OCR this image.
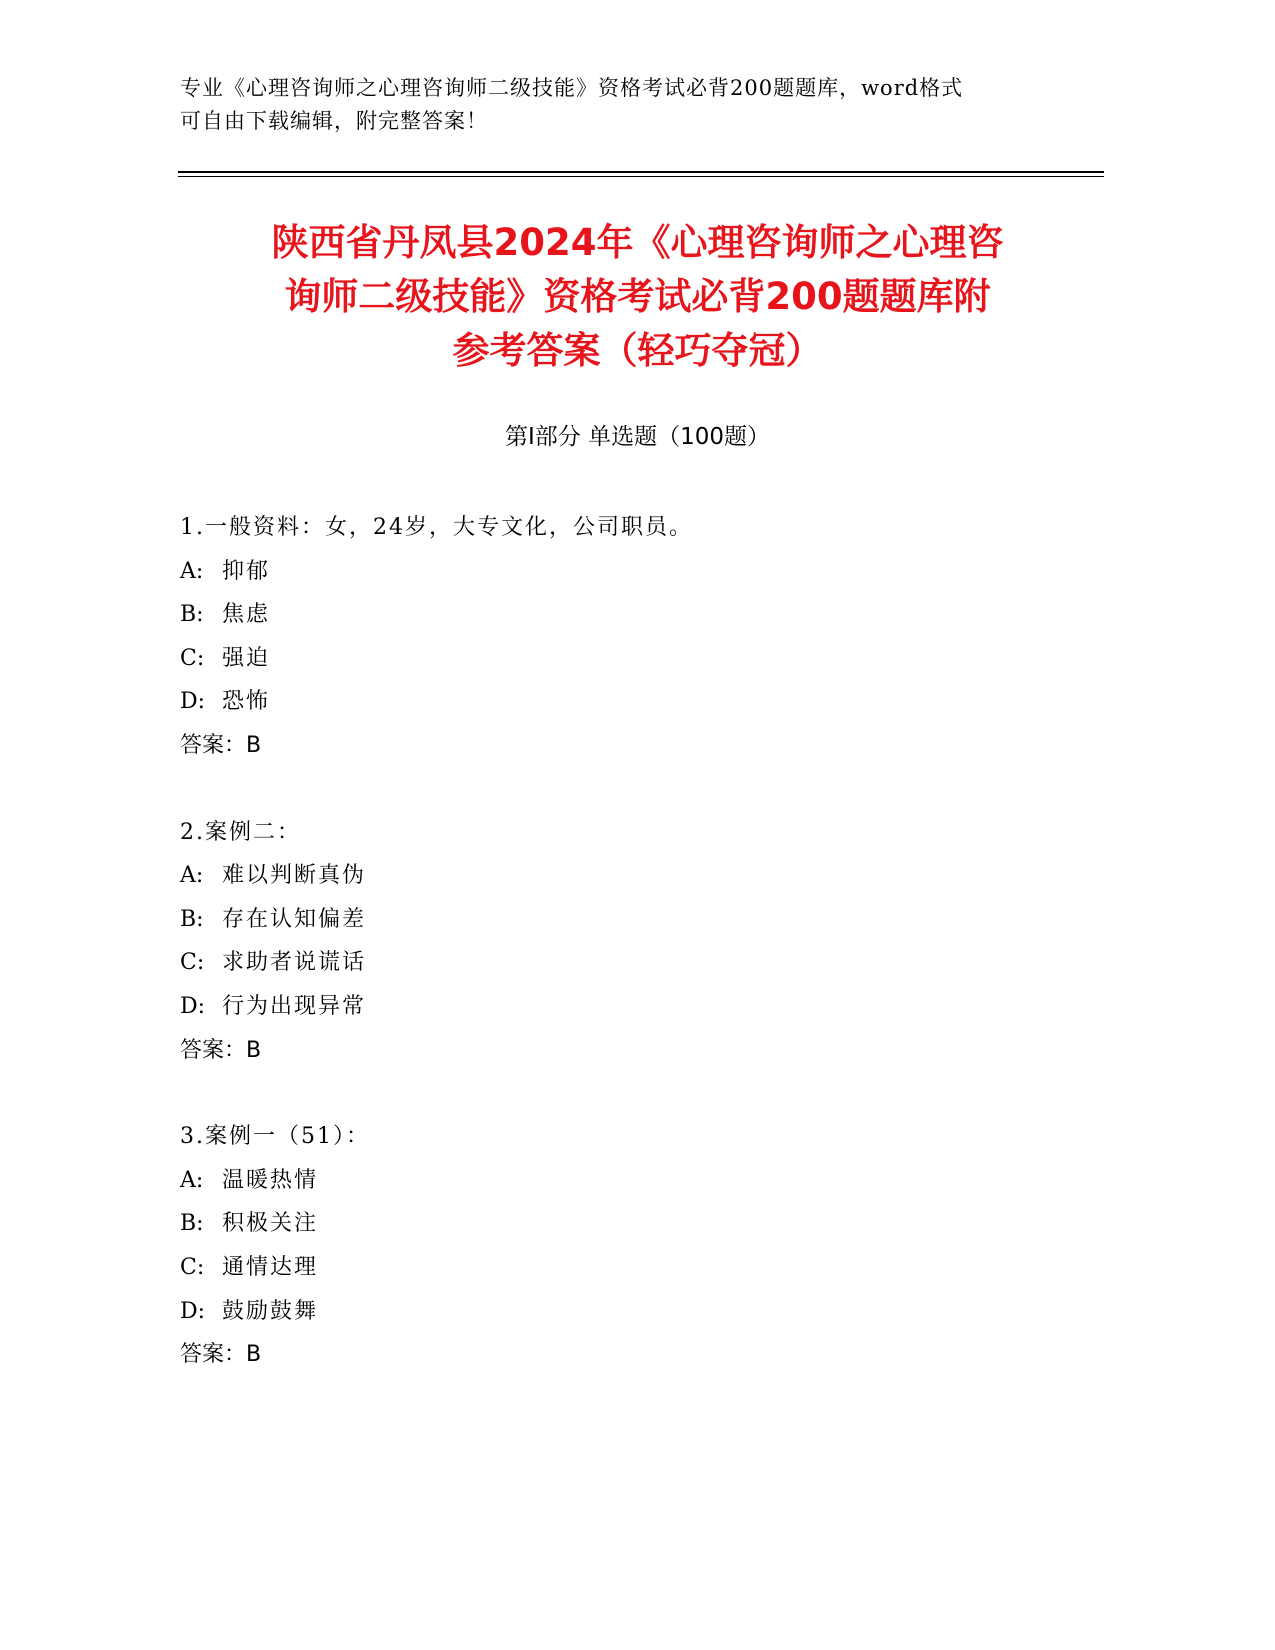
专业《心理咨询师之心理咨询师二级技能》资格考试必背200题题库，word格式
可自由下载编辑，附完整答案！
陕西省丹凤县2024年《心理咨询师之心理咨
询师二级技能》资格考试必背200题题库附
参考答案（轻巧夺冠）
第I部分 单选题（100题）
1.一般资料：女，24岁，大专文化，公司职员。
A: 抑郁
B: 焦虑
C: 强迫
D: 恐怖
答案：B
2.案例二：
A: 难以判断真伪
B: 存在认知偏差
C: 求助者说谎话
D: 行为出现异常
答案：B
3.案例一（51）：
A: 温暖热情
B: 积极关注
C: 通情达理
D: 鼓励鼓舞
答案：B
